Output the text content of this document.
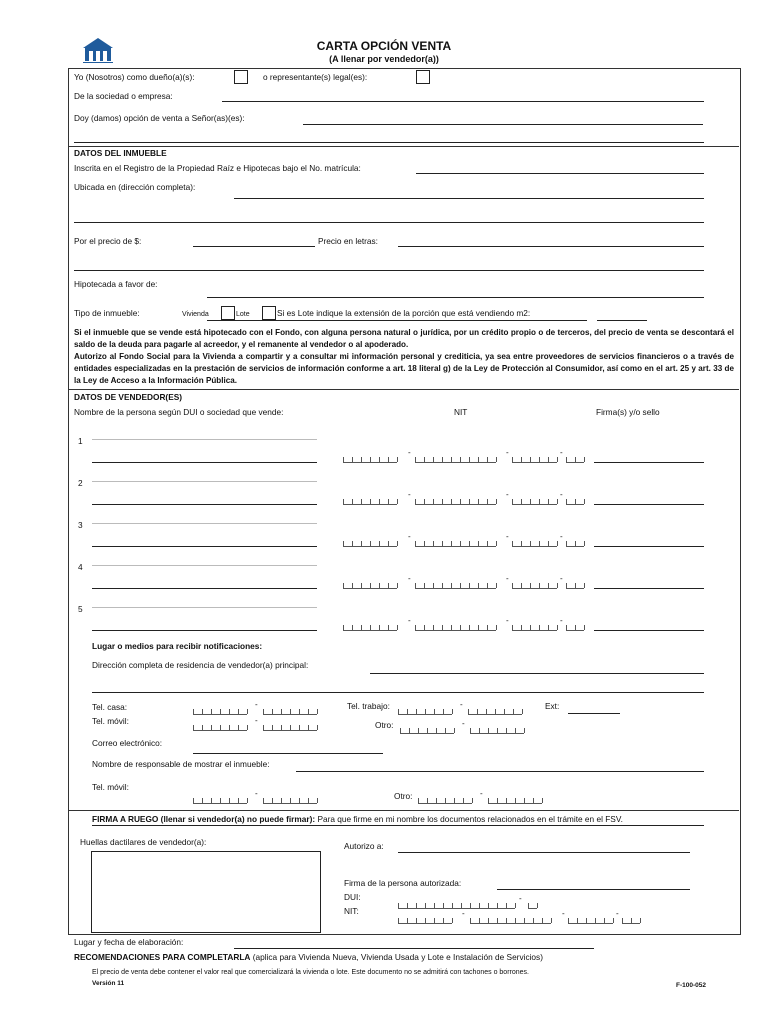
CARTA OPCIÓN VENTA
(A llenar por vendedor(a))
Yo (Nosotros) como dueño(a)(s):	o representante(s) legal(es):
De la sociedad o empresa:
Doy (damos) opción de venta a Señor(as)(es):
DATOS DEL INMUEBLE
Inscrita en el Registro de la Propiedad Raíz e Hipotecas bajo el No. matrícula:
Ubicada en (dirección completa):
Por el precio de $:	Precio en letras:
Hipotecada a favor de:
Tipo de inmueble:	Vivienda	Lote	Si es Lote indique la extensión de la porción que está vendiendo m2:
Si el inmueble que se vende está hipotecado con el Fondo, con alguna persona natural o jurídica, por un crédito propio o de terceros, del precio de venta se descontará el saldo de la deuda para pagarle al acreedor, y el remanente al vendedor o al apoderado.
Autorizo al Fondo Social para la Vivienda a compartir y a consultar mi información personal y crediticia, ya sea entre proveedores de servicios financieros o a través de entidades especializadas en la prestación de servicios de información conforme a art. 18 literal g) de la Ley de Protección al Consumidor, así como en el art. 25 y art. 33 de la Ley de Acceso a la Información Pública.
DATOS DE VENDEDOR(ES)
Nombre de la persona según DUI o sociedad que vende:	NIT	Firma(s) y/o sello
1
-	-	-
2
-	-	-
3
-	-	-
4
-	-	-
5
-	-	-
Lugar o medios para recibir notificaciones:
Dirección completa de residencia de vendedor(a) principal:
Tel. casa:	Tel. trabajo:	Ext:
Tel. móvil:	Otro:
Correo electrónico:
Nombre de responsable de mostrar el inmueble:
Tel. móvil:
Otro:
-	-
-	-
-	-
FIRMA A RUEGO (llenar si vendedor(a) no puede firmar): Para que firme en mi nombre los documentos relacionados en el trámite en el FSV.
Huellas dactilares de vendedor(a):	Autorizo a:
Firma de la persona autorizada:
DUI:
NIT:
-
-	-	-
Lugar y fecha de elaboración:
RECOMENDACIONES PARA COMPLETARLA (aplica para Vivienda Nueva, Vivienda Usada y Lote e Instalación de Servicios)
El precio de venta debe contener el valor real que comercializará la vivienda o lote. Este documento no se admitirá con tachones o borrones.
Versión 11	F-100-052
